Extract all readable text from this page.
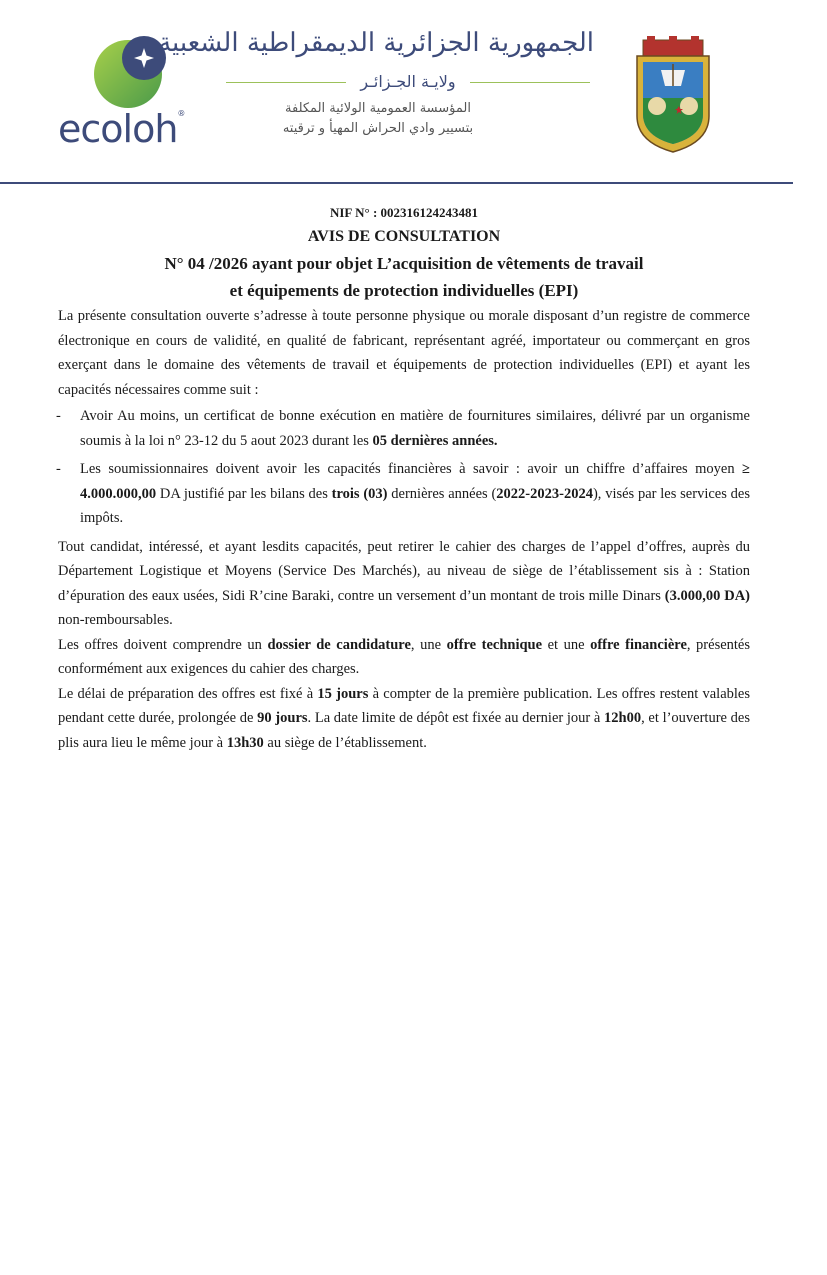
ecoloh®
الجمهورية الجزائرية الديمقراطية الشعبية
ولايـة الجـزائـر
المؤسسة العمومية الولائية المكلفة
بتسيير وادي الحراش المهيأ و ترقيته
NIF N° : 002316124243481
AVIS DE CONSULTATION
N° 04 /2026 ayant pour objet L’acquisition de vêtements de travail
et équipements de protection individuelles (EPI)

La présente consultation ouverte s’adresse à toute personne physique ou morale disposant d’un registre de commerce électronique en cours de validité, en qualité de fabricant, représentant agréé, importateur ou commerçant en gros exerçant dans le domaine des vêtements de travail et équipements de protection individuelles (EPI) et ayant les capacités nécessaires comme suit :

- Avoir Au moins, un certificat de bonne exécution en matière de fournitures similaires, délivré par un organisme soumis à la loi n° 23-12 du 5 aout 2023 durant les 05 dernières années.
- Les soumissionnaires doivent avoir les capacités financières à savoir : avoir un chiffre d’affaires moyen ≥ 4.000.000,00 DA justifié par les bilans des trois (03) dernières années (2022-2023-2024), visés par les services des impôts.

Tout candidat, intéressé, et ayant lesdits capacités, peut retirer le cahier des charges de l’appel d’offres, auprès du Département Logistique et Moyens (Service Des Marchés), au niveau de siège de l’établissement sis à : Station d’épuration des eaux usées, Sidi R’cine Baraki, contre un versement d’un montant de trois mille Dinars (3.000,00 DA) non-remboursables.

Les offres doivent comprendre un dossier de candidature, une offre technique et une offre financière, présentés conformément aux exigences du cahier des charges.

Le délai de préparation des offres est fixé à 15 jours à compter de la première publication. Les offres restent valables pendant cette durée, prolongée de 90 jours. La date limite de dépôt est fixée au dernier jour à 12h00, et l’ouverture des plis aura lieu le même jour à 13h30 au siège de l’établissement.
